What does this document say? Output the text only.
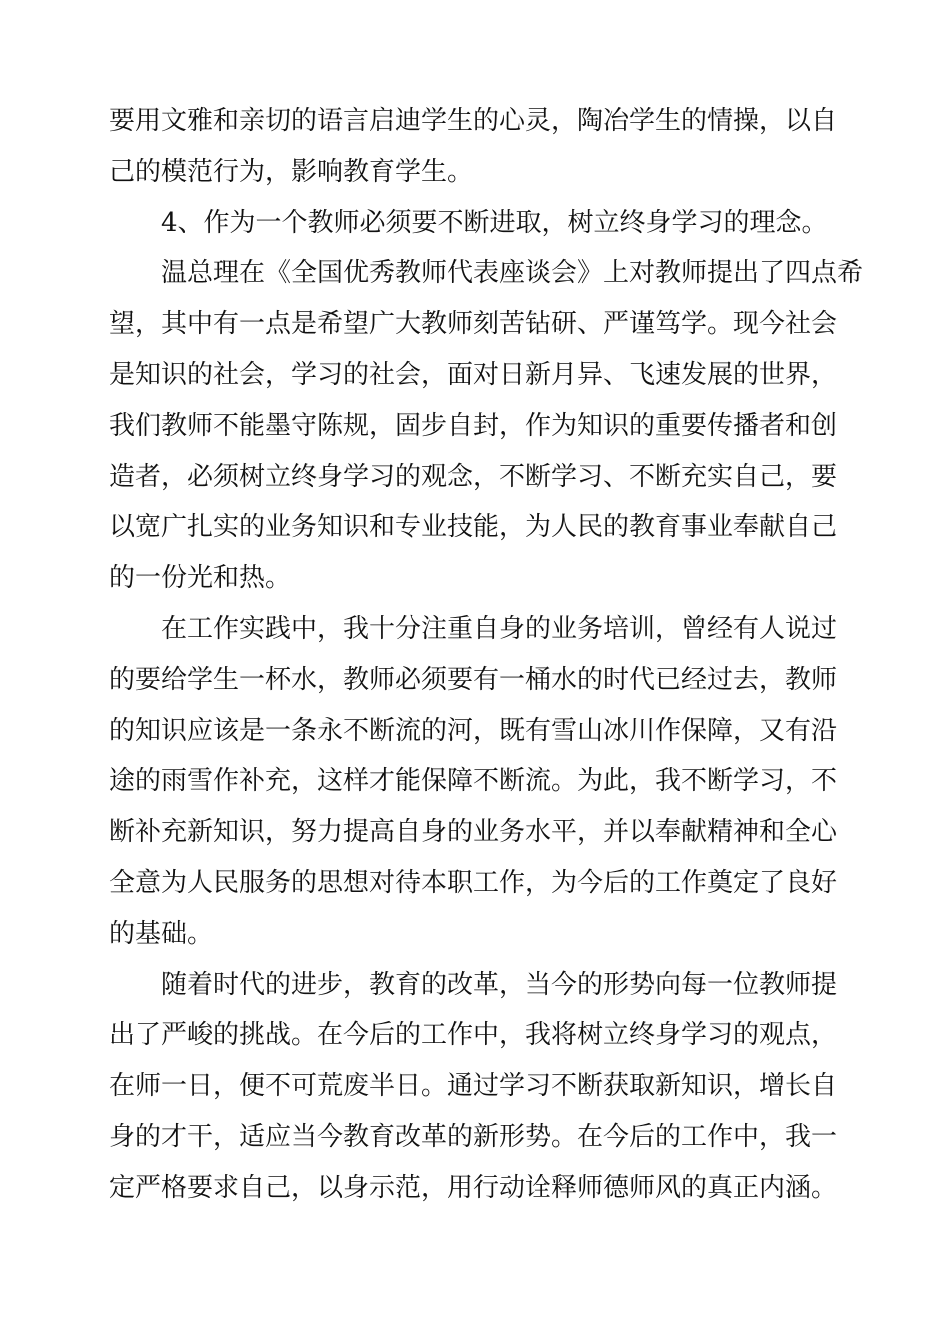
要用文雅和亲切的语言启迪学生的心灵，陶冶学生的情操，以自
己的模范行为，影响教育学生。
4、作为一个教师必须要不断进取，树立终身学习的理念。
温总理在《全国优秀教师代表座谈会》上对教师提出了四点希
望，其中有一点是希望广大教师刻苦钻研、严谨笃学。现今社会
是知识的社会，学习的社会，面对日新月异、飞速发展的世界，
我们教师不能墨守陈规，固步自封，作为知识的重要传播者和创
造者，必须树立终身学习的观念，不断学习、不断充实自己，要
以宽广扎实的业务知识和专业技能，为人民的教育事业奉献自己
的一份光和热。
在工作实践中，我十分注重自身的业务培训，曾经有人说过
的要给学生一杯水，教师必须要有一桶水的时代已经过去，教师
的知识应该是一条永不断流的河，既有雪山冰川作保障，又有沿
途的雨雪作补充，这样才能保障不断流。为此，我不断学习，不
断补充新知识，努力提高自身的业务水平，并以奉献精神和全心
全意为人民服务的思想对待本职工作，为今后的工作奠定了良好
的基础。
随着时代的进步，教育的改革，当今的形势向每一位教师提
出了严峻的挑战。在今后的工作中，我将树立终身学习的观点，
在师一日，便不可荒废半日。通过学习不断获取新知识，增长自
身的才干，适应当今教育改革的新形势。在今后的工作中，我一
定严格要求自己，以身示范，用行动诠释师德师风的真正内涵。
